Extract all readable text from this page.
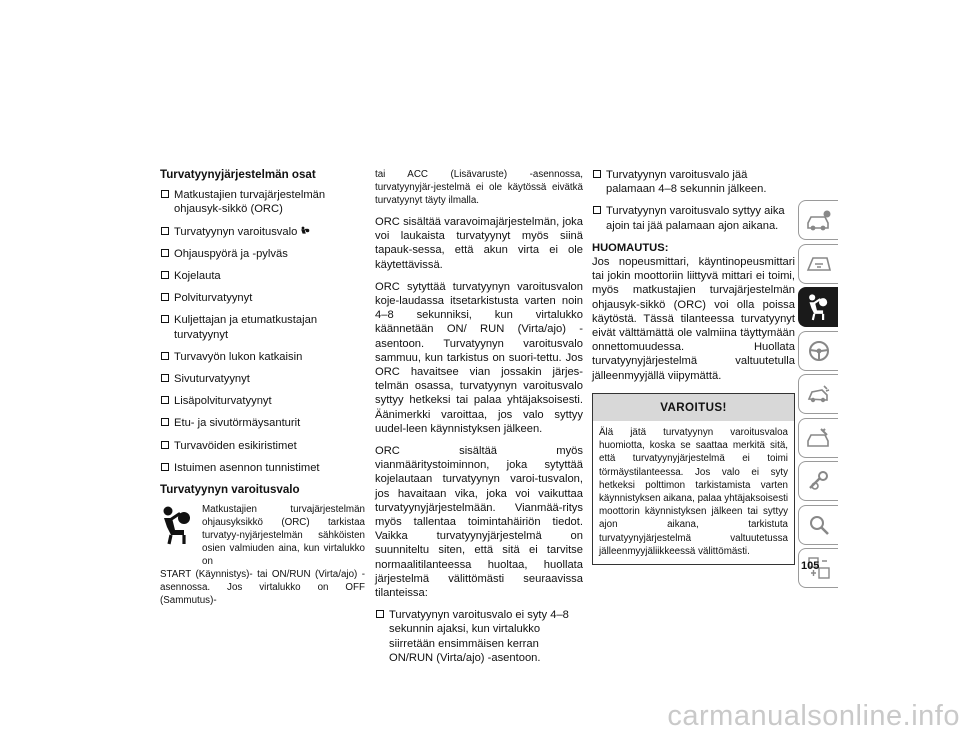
Turvatyynyjärjestelmän osat
Matkustajien turvajärjestelmän ohjausyk-sikkö (ORC)
Turvatyynyn varoitusvalo
Ohjauspyörä ja -pylväs
Kojelauta
Polviturvatyynyt
Kuljettajan ja etumatkustajan turvatyynyt
Turvavyön lukon katkaisin
Sivuturvatyynyt
Lisäpolviturvatyynyt
Etu- ja sivutörmäysanturit
Turvavöiden esikiristimet
Istuimen asennon tunnistimet
Turvatyynyn varoitusvalo
Matkustajien turvajärjestelmän ohjausyksikkö (ORC) tarkistaa turvatyy-nyjärjestelmän sähköisten osien valmiuden aina, kun virtalukko on

START (Käynnistys)- tai ON/RUN (Virta/ajo) -asennossa. Jos virtalukko on OFF (Sammutus)-

tai ACC (Lisävaruste) -asennossa, turvatyynyjär-jestelmä ei ole käytössä eivätkä turvatyynyt täyty ilmalla.

ORC sisältää varavoimajärjestelmän, joka voi laukaista turvatyynyt myös siinä tapauk-sessa, että akun virta ei ole käytettävissä.

ORC sytyttää turvatyynyn varoitusvalon koje-laudassa itsetarkistusta varten noin 4–8 sekunniksi, kun virtalukko käännetään ON/ RUN (Virta/ajo) -asentoon. Turvatyynyn varoitusvalo sammuu, kun tarkistus on suori-tettu. Jos ORC havaitsee vian jossakin järjes-telmän osassa, turvatyynyn varoitusvalo syttyy hetkeksi tai palaa yhtäjaksoisesti. Äänimerkki varoittaa, jos valo syttyy uudel-leen käynnistyksen jälkeen.

ORC sisältää myös vianmääritystoiminnon, joka sytyttää kojelautaan turvatyynyn varoi-tusvalon, jos havaitaan vika, joka voi vaikuttaa turvatyynyjärjestelmään. Vianmää-ritys myös tallentaa toimintahäiriön tiedot. Vaikka turvatyynyjärjestelmä on suunniteltu siten, että sitä ei tarvitse normaalitilanteessa huoltaa, huollata järjestelmä välittömästi seuraavissa tilanteissa:

Turvatyynyn varoitusvalo ei syty 4–8 sekunnin ajaksi, kun virtalukko siirretään ensimmäisen kerran ON/RUN (Virta/ajo) -asentoon.
Turvatyynyn varoitusvalo jää palamaan 4–8 sekunnin jälkeen.
Turvatyynyn varoitusvalo syttyy aika ajoin tai jää palamaan ajon aikana.

HUOMAUTUS:

Jos nopeusmittari, käyntinopeusmittari tai jokin moottoriin liittyvä mittari ei toimi, myös matkustajien turvajärjestelmän ohjausyk-sikkö (ORC) voi olla poissa käytöstä. Tässä tilanteessa turvatyynyt eivät välttämättä ole valmiina täyttymään onnettomuudessa. Huollata turvatyynyjärjestelmä valtuutetulla jälleenmyyjällä viipymättä.

VAROITUS!
Älä jätä turvatyynyn varoitusvaloa huomiotta, koska se saattaa merkitä sitä, että turvatyynyjärjestelmä ei toimi törmäystilanteessa. Jos valo ei syty hetkeksi polttimon tarkistamista varten käynnistyksen aikana, palaa yhtäjaksoisesti moottorin käynnistyksen jälkeen tai syttyy ajon aikana, tarkistuta turvatyynyjärjestelmä valtuutetussa jälleenmyyjäliikkeessä välittömästi.
105
carmanualsonline.info
